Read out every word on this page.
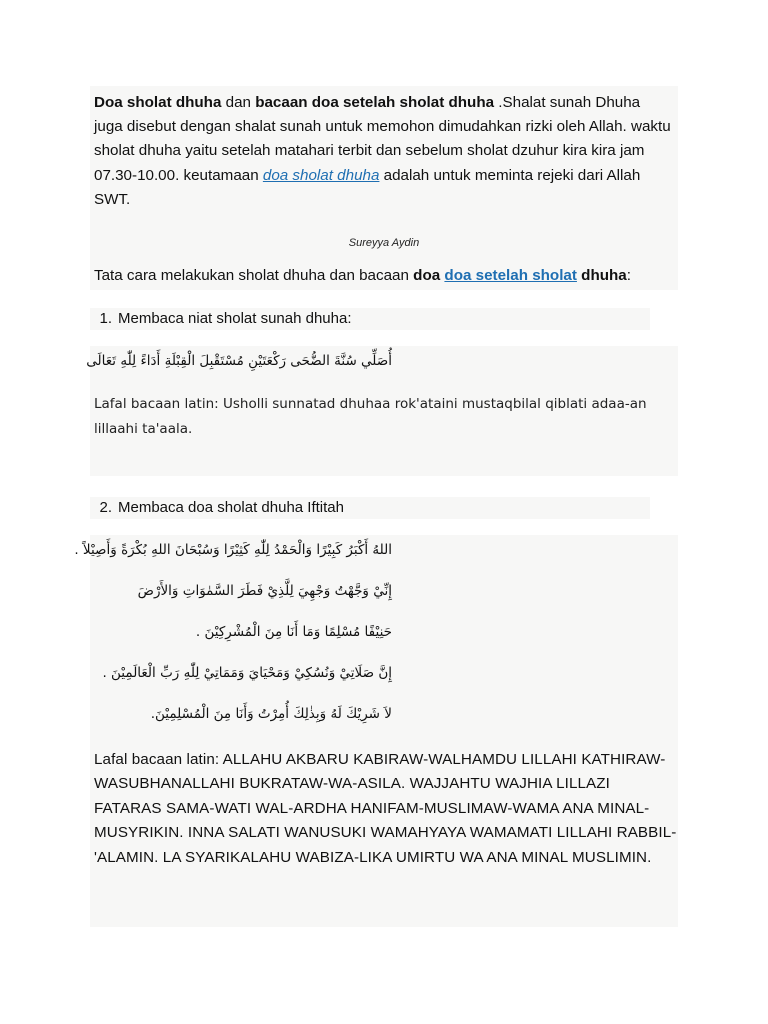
Doa sholat dhuha dan bacaan doa setelah sholat dhuha .Shalat sunah Dhuha juga disebut dengan shalat sunah untuk memohon dimudahkan rizki oleh Allah. waktu sholat dhuha yaitu setelah matahari terbit dan sebelum sholat dzuhur kira kira jam 07.30-10.00. keutamaan doa sholat dhuha adalah untuk meminta rejeki dari Allah SWT.

Sureyya Aydin
Tata cara melakukan sholat dhuha dan bacaan doa doa setelah sholat dhuha:
1. Membaca niat sholat sunah dhuha:
أُصَلِّي سُنَّةَ الضُّحَى رَكْعَتَيْنِ مُسْتَقْبِلَ الْقِبْلَةِ أَدَاءً لِلّٰهِ تَعَالَى
Lafal bacaan latin: Usholli sunnatad dhuhaa rok'ataini mustaqbilal qiblati adaa-an lillaahi ta'aala.
2. Membaca doa sholat dhuha Iftitah
اللهُ أَكْبَرُ كَبِيْرًا وَالْحَمْدُ لِلّٰهِ كَثِيْرًا وَسُبْحَانَ اللهِ بُكْرَةً وَأَصِيْلاً .
إِنِّيْ وَجَّهْتُ وَجْهِيَ لِلَّذِيْ فَطَرَ السَّمٰوَاتِ وَالأَرْضَ
حَنِيْفًا مُسْلِمًا وَمَا أَنَا مِنَ الْمُشْرِكِيْنَ .
إِنَّ صَلَاتِيْ وَنُسُكِيْ وَمَحْيَايَ وَمَمَاتِيْ لِلّٰهِ رَبِّ الْعَالَمِيْنَ .
لاَ شَرِيْكَ لَهُ وَبِذٰلِكَ أُمِرْتُ وَأَنَا مِنَ الْمُسْلِمِيْنَ.
Lafal bacaan latin: ALLAHU AKBARU KABIRAW-WALHAMDU LILLAHI KATHIRAW-WASUBHANALLAHI BUKRATAW-WA-ASILA. WAJJAHTU WAJHIA LILLAZI FATARAS SAMA-WATI WAL-ARDHA HANIFAM-MUSLIMAW-WAMA ANA MINAL-MUSYRIKIN. INNA SALATI WANUSUKI WAMAHYAYA WAMAMATI LILLAHI RABBIL-'ALAMIN. LA SYARIKALAHU WABIZA-LIKA UMIRTU WA ANA MINAL MUSLIMIN.
